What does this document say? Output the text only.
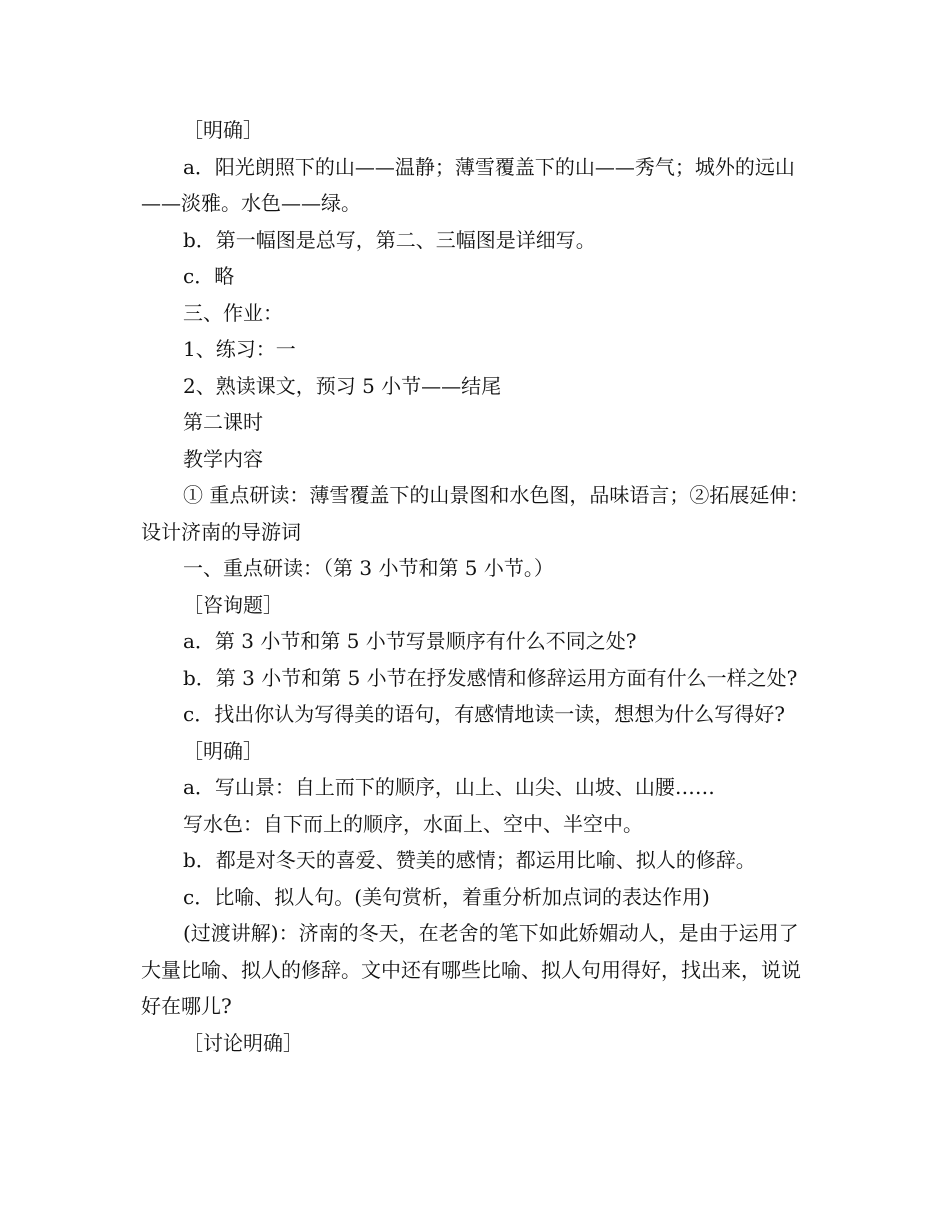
［明确］

a．阳光朗照下的山——温静；薄雪覆盖下的山——秀气；城外的远山——淡雅。水色——绿。

b．第一幅图是总写，第二、三幅图是详细写。

c．略

三、作业：

1、练习：一

2、熟读课文，预习 5 小节——结尾

第二课时

教学内容

① 重点研读：薄雪覆盖下的山景图和水色图，品味语言；②拓展延伸：设计济南的导游词

一、重点研读：（第 3 小节和第 5 小节。）

［咨询题］

a．第 3 小节和第 5 小节写景顺序有什么不同之处?

b．第 3 小节和第 5 小节在抒发感情和修辞运用方面有什么一样之处?

c．找出你认为写得美的语句，有感情地读一读，想想为什么写得好?

［明确］

a．写山景：自上而下的顺序，山上、山尖、山坡、山腰……

写水色：自下而上的顺序，水面上、空中、半空中。

b．都是对冬天的喜爱、赞美的感情；都运用比喻、拟人的修辞。

c．比喻、拟人句。(美句赏析，着重分析加点词的表达作用)

(过渡讲解)：济南的冬天，在老舍的笔下如此娇媚动人，是由于运用了大量比喻、拟人的修辞。文中还有哪些比喻、拟人句用得好，找出来，说说好在哪儿?

［讨论明确］
